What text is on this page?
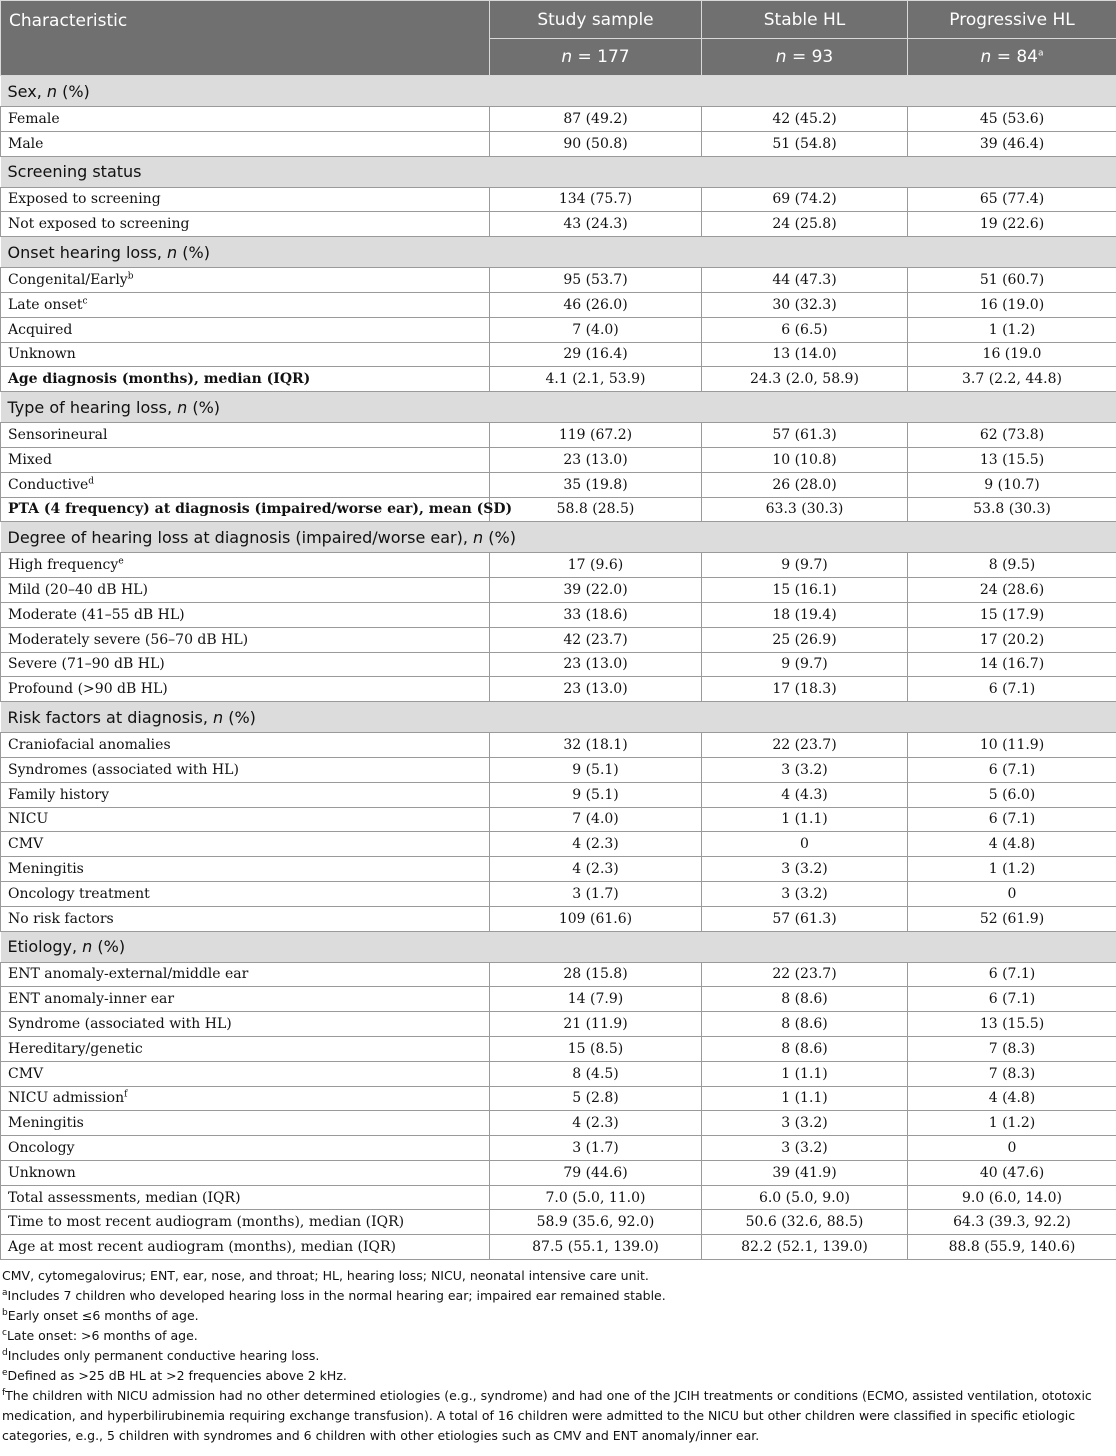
Characteristic	Study sample	Stable HL	Progressive HL
	n = 177	n = 93	$n = 84^a$
Sex, n (%)			
Female	87 (49.2)	42 (45.2)	45 (53.6)
Male	90 (50.8)	51 (54.8)	39 (46.4)
Screening status			
Exposed to screening	134 (75.7)	69 (74.2)	65 (77.4)
Not exposed to screening	43 (24.3)	24 (25.8)	19 (22.6)
Onset hearing loss, n (%)			
Congenital/Early$^b$	95 (53.7)	44 (47.3)	51 (60.7)
Late onset$^c$	46 (26.0)	30 (32.3)	16 (19.0)
Acquired	7 (4.0)	6 (6.5)	1 (1.2)
Unknown	29 (16.4)	13 (14.0)	16 (19.0
Age diagnosis (months), median (IQR)	4.1 (2.1, 53.9)	24.3 (2.0, 58.9)	3.7 (2.2, 44.8)
Type of hearing loss, n (%)			
Sensorineural	119 (67.2)	57 (61.3)	62 (73.8)
Mixed	23 (13.0)	10 (10.8)	13 (15.5)
Conductive$^d$	35 (19.8)	26 (28.0)	9 (10.7)
PTA (4 frequency) at diagnosis (impaired/worse ear), mean (SD)	58.8 (28.5)	63.3 (30.3)	53.8 (30.3)
Degree of hearing loss at diagnosis (impaired/worse ear), n (%)			
High frequency$^e$	17 (9.6)	9 (9.7)	8 (9.5)
Mild (20–40 dB HL)	39 (22.0)	15 (16.1)	24 (28.6)
Moderate (41–55 dB HL)	33 (18.6)	18 (19.4)	15 (17.9)
Moderately severe (56–70 dB HL)	42 (23.7)	25 (26.9)	17 (20.2)
Severe (71–90 dB HL)	23 (13.0)	9 (9.7)	14 (16.7)
Profound (>90 dB HL)	23 (13.0)	17 (18.3)	6 (7.1)
Risk factors at diagnosis, n (%)			
Craniofacial anomalies	32 (18.1)	22 (23.7)	10 (11.9)
Syndromes (associated with HL)	9 (5.1)	3 (3.2)	6 (7.1)
Family history	9 (5.1)	4 (4.3)	5 (6.0)
NICU	7 (4.0)	1 (1.1)	6 (7.1)
CMV	4 (2.3)	0	4 (4.8)
Meningitis	4 (2.3)	3 (3.2)	1 (1.2)
Oncology treatment	3 (1.7)	3 (3.2)	0
No risk factors	109 (61.6)	57 (61.3)	52 (61.9)
Etiology, n (%)			
ENT anomaly-external/middle ear	28 (15.8)	22 (23.7)	6 (7.1)
ENT anomaly-inner ear	14 (7.9)	8 (8.6)	6 (7.1)
Syndrome (associated with HL)	21 (11.9)	8 (8.6)	13 (15.5)
Hereditary/genetic	15 (8.5)	8 (8.6)	7 (8.3)
CMV	8 (4.5)	1 (1.1)	7 (8.3)
NICU admission$^f$	5 (2.8)	1 (1.1)	4 (4.8)
Meningitis	4 (2.3)	3 (3.2)	1 (1.2)
Oncology	3 (1.7)	3 (3.2)	0
Unknown	79 (44.6)	39 (41.9)	40 (47.6)
Total assessments, median (IQR)	7.0 (5.0, 11.0)	6.0 (5.0, 9.0)	9.0 (6.0, 14.0)
Time to most recent audiogram (months), median (IQR)	58.9 (35.6, 92.0)	50.6 (32.6, 88.5)	64.3 (39.3, 92.2)
Age at most recent audiogram (months), median (IQR)	87.5 (55.1, 139.0)	82.2 (52.1, 139.0)	88.8 (55.9, 140.6)
CMV, cytomegalovirus; ENT, ear, nose, and throat; HL, hearing loss; NICU, neonatal intensive care unit.
$^a$Includes 7 children who developed hearing loss in the normal hearing ear; impaired ear remained stable.
$^b$Early onset ≤6 months of age.
$^c$Late onset: >6 months of age.
$^d$Includes only permanent conductive hearing loss.
$^e$Defined as >25 dB HL at >2 frequencies above 2 kHz.
$^f$The children with NICU admission had no other determined etiologies (e.g., syndrome) and had one of the JCIH treatments or conditions (ECMO, assisted ventilation, ototoxic medication, and hyperbilirubinemia requiring exchange transfusion). A total of 16 children were admitted to the NICU but other children were classified in specific etiologic categories, e.g., 5 children with syndromes and 6 children with other etiologies such as CMV and ENT anomaly/inner ear.
